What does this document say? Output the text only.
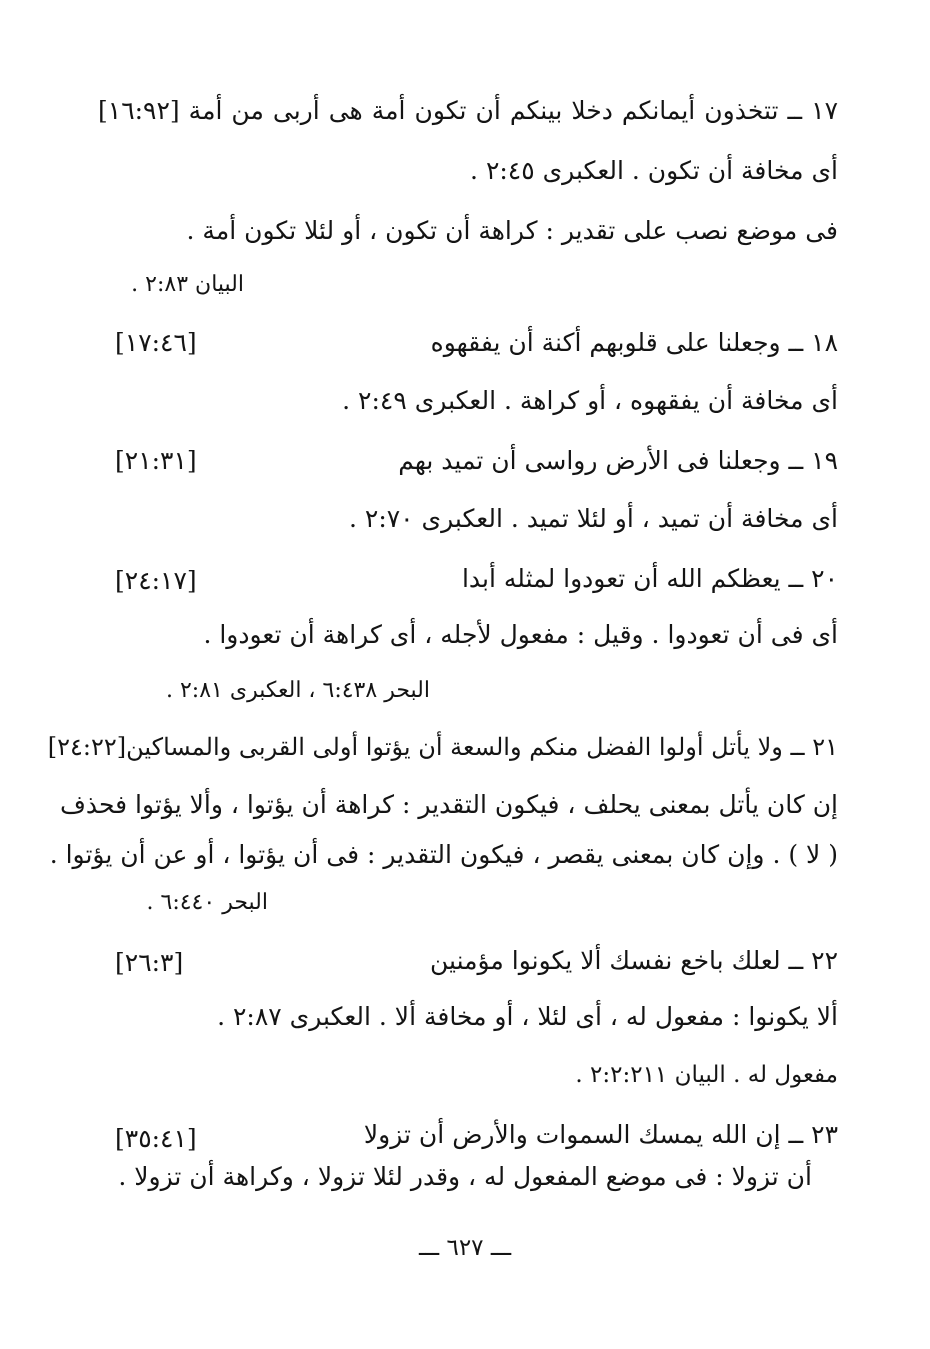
١٧ ــ تتخذون أيمانكم دخلا بينكم أن تكون أمة هى أربى من أمة [١٦:٩٢]
أى مخافة أن تكون . العكبرى ٢:٤٥ .
فى موضع نصب على تقدير : كراهة أن تكون ، أو لئلا تكون أمة .
البيان ٢:٨٣ .
١٨ ــ وجعلنا على قلوبهم أكنة أن يفقهوه
[١٧:٤٦]
أى مخافة أن يفقهوه ، أو كراهة . العكبرى ٢:٤٩ .
١٩ ــ وجعلنا فى الأرض رواسى أن تميد بهم
[٢١:٣١]
أى مخافة أن تميد ، أو لئلا تميد . العكبرى ٢:٧٠ .
٢٠ ــ يعظكم الله أن تعودوا لمثله أبدا
[٢٤:١٧]
أى فى أن تعودوا . وقيل : مفعول لأجله ، أى كراهة أن تعودوا .
البحر ٦:٤٣٨ ، العكبرى ٢:٨١ .
٢١ ــ ولا يأتل أولوا الفضل منكم والسعة أن يؤتوا أولى القربى والمساكين[٢٤:٢٢]
إن كان يأتل بمعنى يحلف ، فيكون التقدير : كراهة أن يؤتوا ، وألا يؤتوا فحذف
( لا ) . وإن كان بمعنى يقصر ، فيكون التقدير : فى أن يؤتوا ، أو عن أن يؤتوا .
البحر ٦:٤٤٠ .
٢٢ ــ لعلك باخع نفسك ألا يكونوا مؤمنين
[٢٦:٣]
ألا يكونوا : مفعول له ، أى لئلا ، أو مخافة ألا . العكبرى ٢:٨٧ .
مفعول له . البيان ٢:٢:٢١١ .
٢٣ ــ إن الله يمسك السموات والأرض أن تزولا
[٣٥:٤١]
أن تزولا : فى موضع المفعول له ، وقدر لئلا تزولا ، وكراهة أن تزولا .
ـــ ٦٢٧ ـــ
